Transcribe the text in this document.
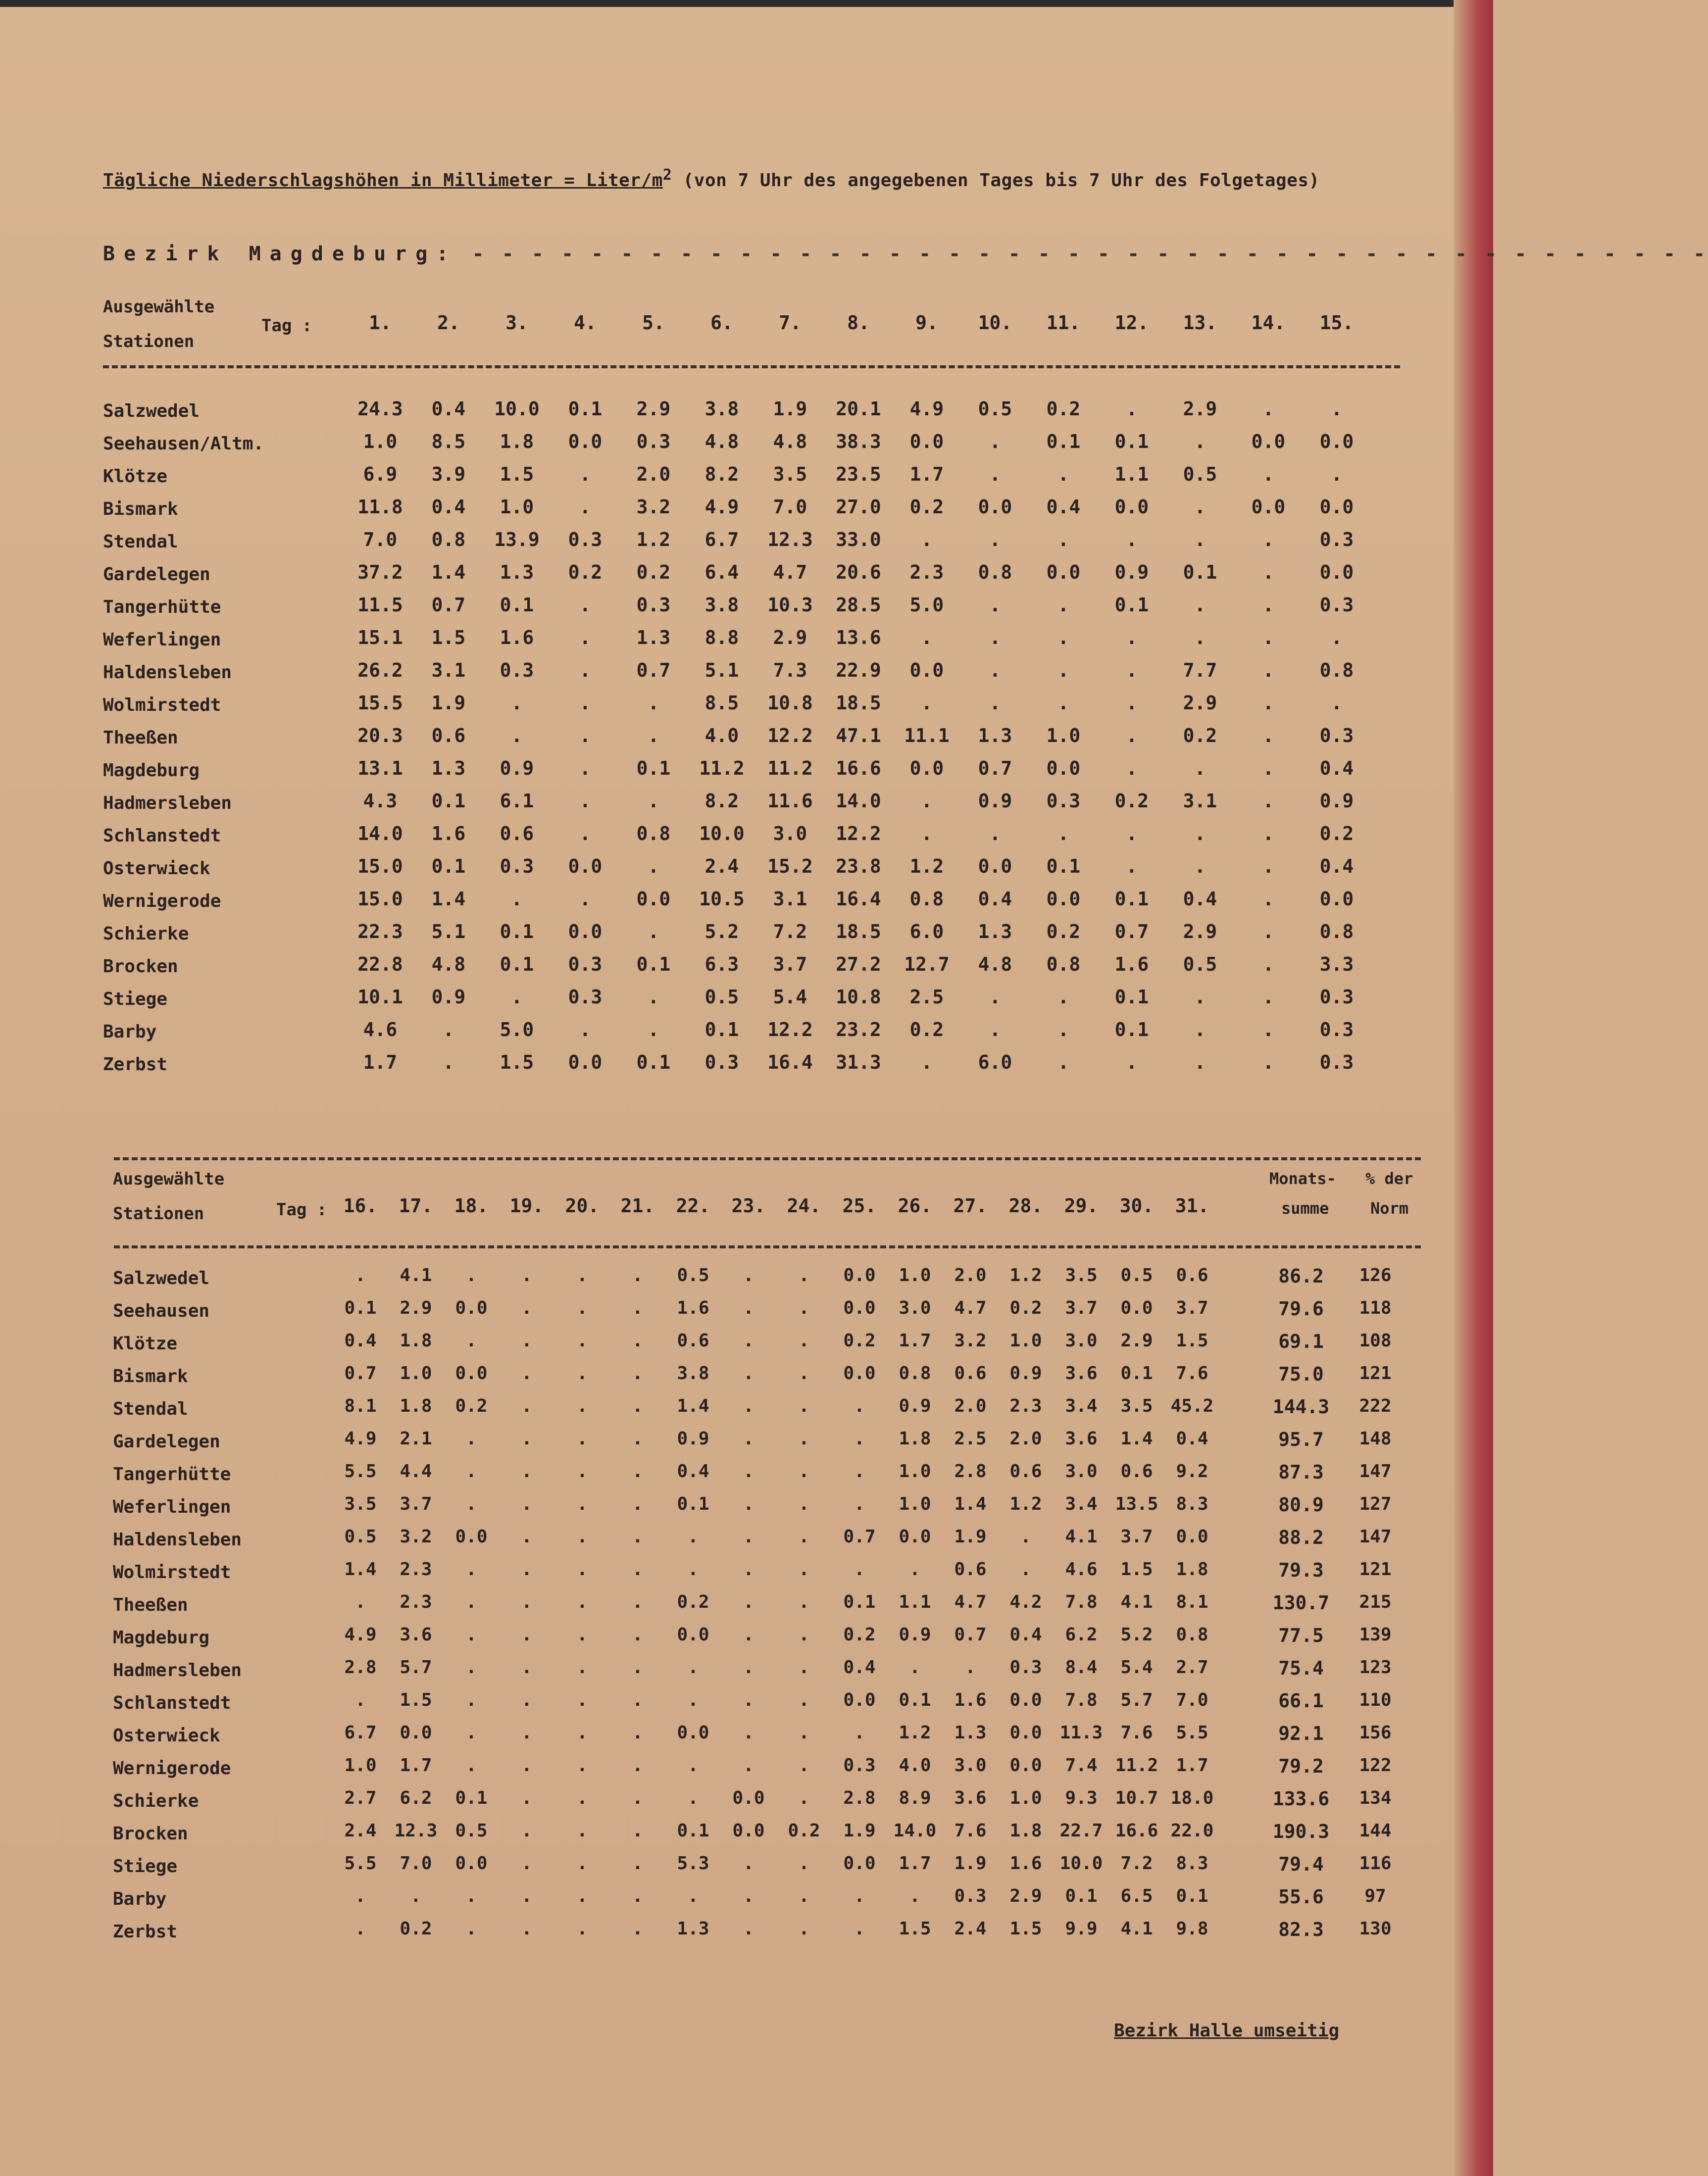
Tägliche Niederschlagshöhen in Millimeter = Liter/$m^2$ (von 7 Uhr des angegebenen Tages bis 7 Uhr des Folgetages)
Bezirk Magdeburg: - - - - - - - - - - - - - - - - - - - - - - - - - - - - - - - - - - - - - - - - - -
Ausgewählte
Stationen
Tag :	1.	2.	3.	4.	5.	6.	7.	8.	9.	10.	11.	12.	13.	14.	15.
Salzwedel	24.3	0.4	10.0	0.1	2.9	3.8	1.9	20.1	4.9	0.5	0.2	.	2.9	.	.
Seehausen/Altm.	1.0	8.5	1.8	0.0	0.3	4.8	4.8	38.3	0.0	.	0.1	0.1	.	0.0	0.0
Klötze	6.9	3.9	1.5	.	2.0	8.2	3.5	23.5	1.7	.	.	1.1	0.5	.	.
Bismark	11.8	0.4	1.0	.	3.2	4.9	7.0	27.0	0.2	0.0	0.4	0.0	.	0.0	0.0
Stendal	7.0	0.8	13.9	0.3	1.2	6.7	12.3	33.0	.	.	.	.	.	.	0.3
Gardelegen	37.2	1.4	1.3	0.2	0.2	6.4	4.7	20.6	2.3	0.8	0.0	0.9	0.1	.	0.0
Tangerhütte	11.5	0.7	0.1	.	0.3	3.8	10.3	28.5	5.0	.	.	0.1	.	.	0.3
Weferlingen	15.1	1.5	1.6	.	1.3	8.8	2.9	13.6	.	.	.	.	.	.	.
Haldensleben	26.2	3.1	0.3	.	0.7	5.1	7.3	22.9	0.0	.	.	.	7.7	.	0.8
Wolmirstedt	15.5	1.9	.	.	.	8.5	10.8	18.5	.	.	.	.	2.9	.	.
Theeßen	20.3	0.6	.	.	.	4.0	12.2	47.1	11.1	1.3	1.0	.	0.2	.	0.3
Magdeburg	13.1	1.3	0.9	.	0.1	11.2	11.2	16.6	0.0	0.7	0.0	.	.	.	0.4
Hadmersleben	4.3	0.1	6.1	.	.	8.2	11.6	14.0	.	0.9	0.3	0.2	3.1	.	0.9
Schlanstedt	14.0	1.6	0.6	.	0.8	10.0	3.0	12.2	.	.	.	.	.	.	0.2
Osterwieck	15.0	0.1	0.3	0.0	.	2.4	15.2	23.8	1.2	0.0	0.1	.	.	.	0.4
Wernigerode	15.0	1.4	.	.	0.0	10.5	3.1	16.4	0.8	0.4	0.0	0.1	0.4	.	0.0
Schierke	22.3	5.1	0.1	0.0	.	5.2	7.2	18.5	6.0	1.3	0.2	0.7	2.9	.	0.8
Brocken	22.8	4.8	0.1	0.3	0.1	6.3	3.7	27.2	12.7	4.8	0.8	1.6	0.5	.	3.3
Stiege	10.1	0.9	.	0.3	.	0.5	5.4	10.8	2.5	.	.	0.1	.	.	0.3
Barby	4.6	.	5.0	.	.	0.1	12.2	23.2	0.2	.	.	0.1	.	.	0.3
Zerbst	1.7	.	1.5	0.0	0.1	0.3	16.4	31.3	.	6.0	.	.	.	.	0.3
Ausgewählte
Stationen	Tag :
Monats-
summe
% der
Norm
16.	17.	18.	19.	20.	21.	22.	23.	24.	25.	26.	27.	28.	29.	30.	31.
Salzwedel	.	4.1	.	.	.	.	0.5	.	.	0.0	1.0	2.0	1.2	3.5	0.5	0.6	86.2	126
Seehausen	0.1	2.9	0.0	.	.	.	1.6	.	.	0.0	3.0	4.7	0.2	3.7	0.0	3.7	79.6	118
Klötze	0.4	1.8	.	.	.	.	0.6	.	.	0.2	1.7	3.2	1.0	3.0	2.9	1.5	69.1	108
Bismark	0.7	1.0	0.0	.	.	.	3.8	.	.	0.0	0.8	0.6	0.9	3.6	0.1	7.6	75.0	121
Stendal	8.1	1.8	0.2	.	.	.	1.4	.	.	.	0.9	2.0	2.3	3.4	3.5	45.2	144.3	222
Gardelegen	4.9	2.1	.	.	.	.	0.9	.	.	.	1.8	2.5	2.0	3.6	1.4	0.4	95.7	148
Tangerhütte	5.5	4.4	.	.	.	.	0.4	.	.	.	1.0	2.8	0.6	3.0	0.6	9.2	87.3	147
Weferlingen	3.5	3.7	.	.	.	.	0.1	.	.	.	1.0	1.4	1.2	3.4	13.5	8.3	80.9	127
Haldensleben	0.5	3.2	0.0	.	.	.	.	.	.	0.7	0.0	1.9	.	4.1	3.7	0.0	88.2	147
Wolmirstedt	1.4	2.3	.	.	.	.	.	.	.	.	.	0.6	.	4.6	1.5	1.8	79.3	121
Theeßen	.	2.3	.	.	.	.	0.2	.	.	0.1	1.1	4.7	4.2	7.8	4.1	8.1	130.7	215
Magdeburg	4.9	3.6	.	.	.	.	0.0	.	.	0.2	0.9	0.7	0.4	6.2	5.2	0.8	77.5	139
Hadmersleben	2.8	5.7	.	.	.	.	.	.	.	0.4	.	.	0.3	8.4	5.4	2.7	75.4	123
Schlanstedt	.	1.5	.	.	.	.	.	.	.	0.0	0.1	1.6	0.0	7.8	5.7	7.0	66.1	110
Osterwieck	6.7	0.0	.	.	.	.	0.0	.	.	.	1.2	1.3	0.0	11.3	7.6	5.5	92.1	156
Wernigerode	1.0	1.7	.	.	.	.	.	.	.	0.3	4.0	3.0	0.0	7.4	11.2	1.7	79.2	122
Schierke	2.7	6.2	0.1	.	.	.	.	0.0	.	2.8	8.9	3.6	1.0	9.3	10.7 18.0	133.6	134
Brocken	2.4	12.3	0.5	.	.	.	0.1	0.0	0.2	1.9	14.0	7.6	1.8	22.7 16.6 22.0	190.3	144
Stiege	5.5	7.0	0.0	.	.	.	5.3	.	.	0.0	1.7	1.9	1.6	10.0	7.2	8.3	79.4	116
Barby	.	.	.	.	.	.	.	.	.	.	.	0.3	2.9	0.1	6.5	0.1	55.6	97
Zerbst	.	0.2	.	.	.	.	1.3	.	.	.	1.5	2.4	1.5	9.9	4.1	9.8	82.3	130
Bezirk Halle umseitig
